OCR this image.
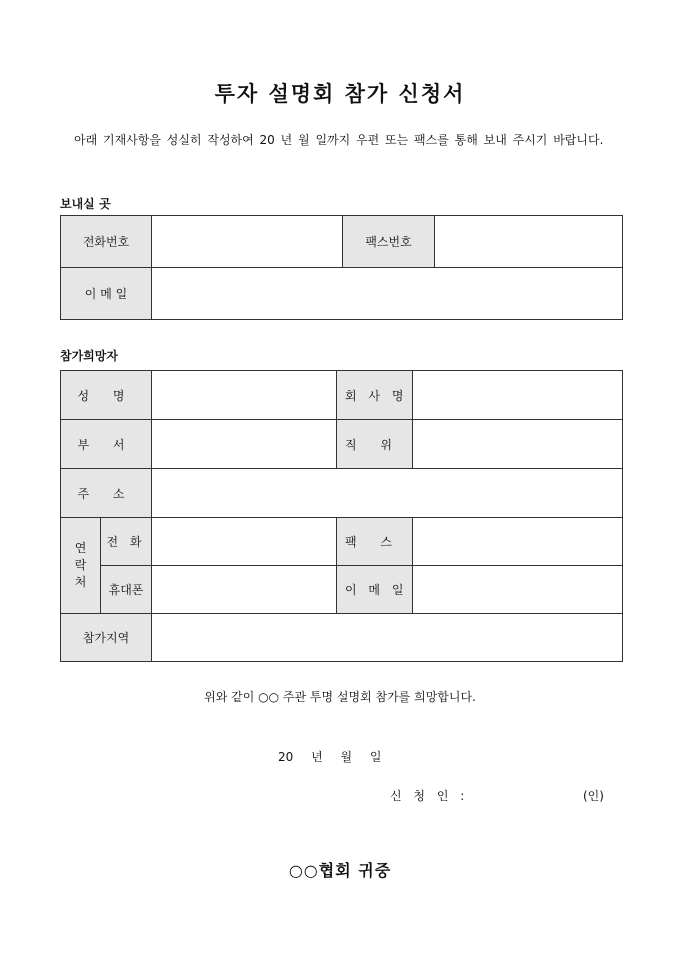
투자 설명회 참가 신청서
아래 기재사항을 성실히 작성하여 20 년 월 일까지 우편 또는 팩스를 통해 보내 주시기 바랍니다.
보내실 곳
전화번호		팩스번호	
이 메 일			
참가희망자
성 명			회 사 명	
부 서			직 위	
주 소				

연 락 처	전 화		팩 스	
	휴대폰		이 메 일	
참가지역				
위와 같이 ○○ 주관 투명 설명회 참가를 희망합니다.
20 년 월 일
신 청 인 :	(인)
○○협회 귀중
